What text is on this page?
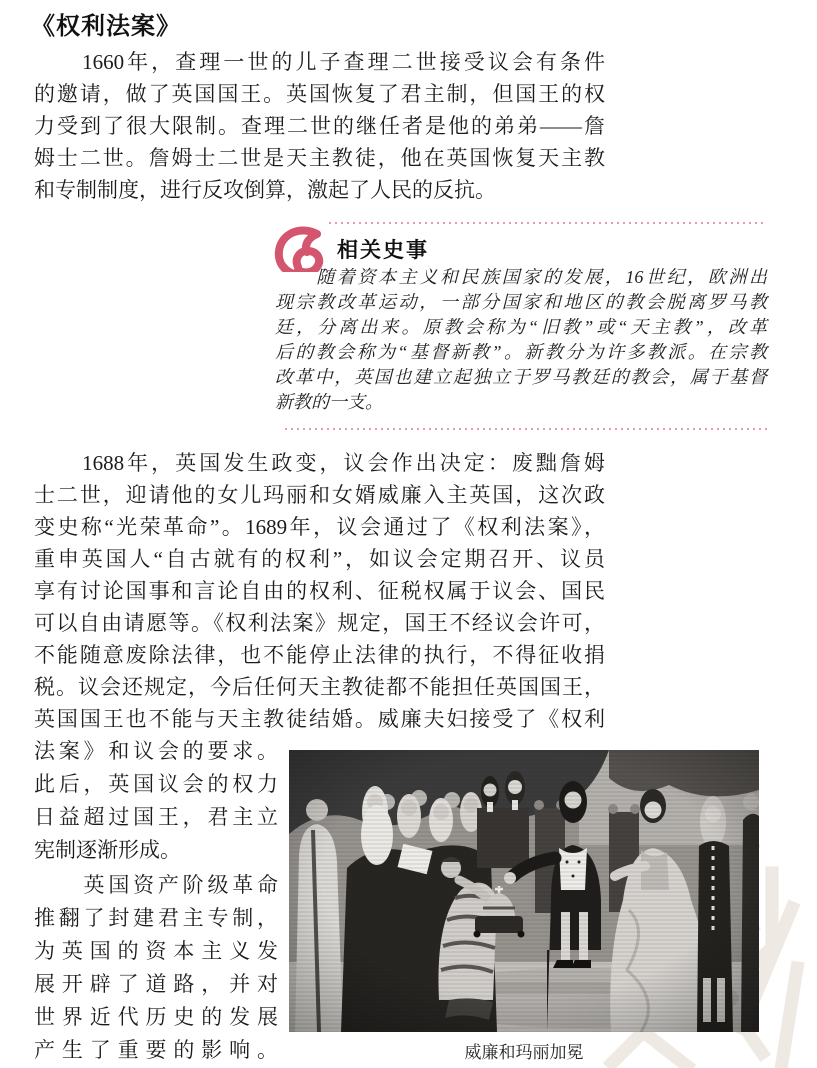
《权利法案》
　　1660年，查理一世的儿子查理二世接受议会有条件
的邀请，做了英国国王。英国恢复了君主制，但国王的权
力受到了很大限制。查理二世的继任者是他的弟弟——詹
姆士二世。詹姆士二世是天主教徒，他在英国恢复天主教
和专制制度，进行反攻倒算，激起了人民的反抗。
相关史事
　　随着资本主义和民族国家的发展，16世纪，欧洲出
现宗教改革运动，一部分国家和地区的教会脱离罗马教
廷，分离出来。原教会称为“旧教”或“天主教”，改革
后的教会称为“基督新教”。新教分为许多教派。在宗教
改革中，英国也建立起独立于罗马教廷的教会，属于基督
新教的一支。
　　1688年，英国发生政变，议会作出决定：废黜詹姆
士二世，迎请他的女儿玛丽和女婿威廉入主英国，这次政
变史称“光荣革命”。1689年，议会通过了《权利法案》，
重申英国人“自古就有的权利”，如议会定期召开、议员
享有讨论国事和言论自由的权利、征税权属于议会、国民
可以自由请愿等。《权利法案》规定，国王不经议会许可，
不能随意废除法律，也不能停止法律的执行，不得征收捐
税。议会还规定，今后任何天主教徒都不能担任英国国王，
英国国王也不能与天主教徒结婚。威廉夫妇接受了《权利
法案》和议会的要求。
此后，英国议会的权力
日益超过国王，君主立
宪制逐渐形成。
　　英国资产阶级革命
推翻了封建君主专制，
为英国的资本主义发
展开辟了道路，并对
世界近代历史的发展
产生了重要的影响。	威廉和玛丽加冕
